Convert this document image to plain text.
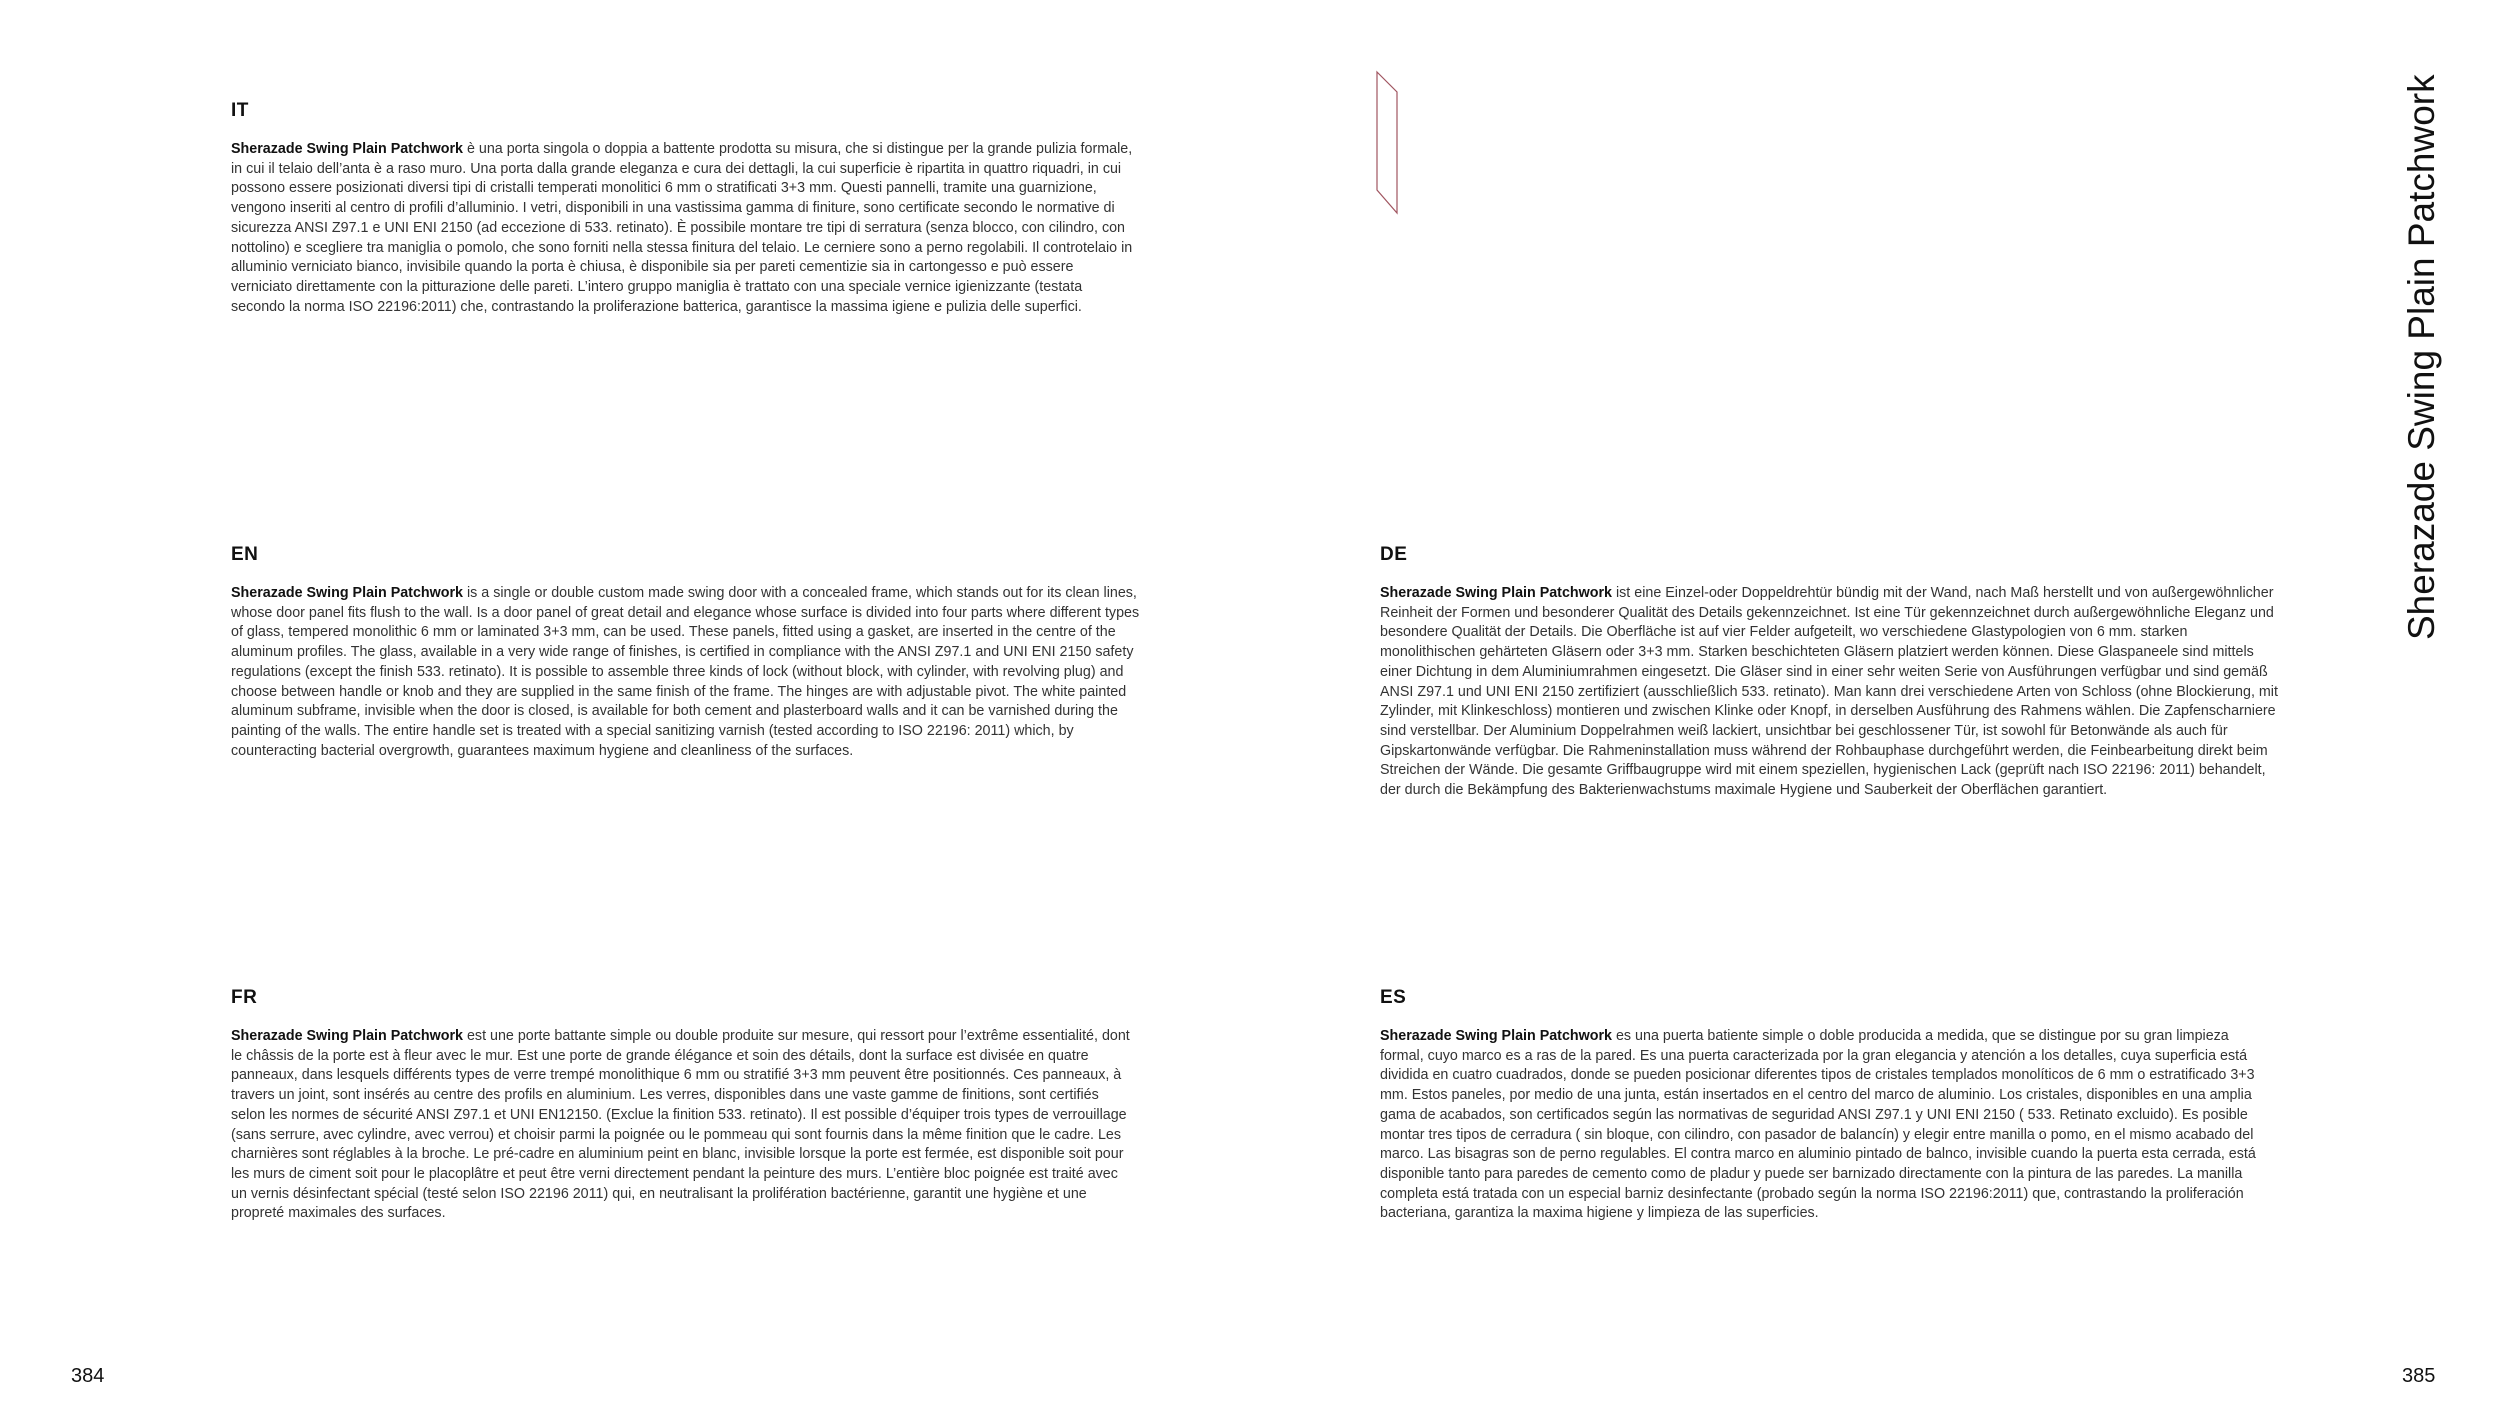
IT

Sherazade Swing Plain Patchwork è una porta singola o doppia a battente prodotta su misura, che si distingue per la grande pulizia formale, in cui il telaio dell’anta è a raso muro. Una porta dalla grande eleganza e cura dei dettagli, la cui superficie è ripartita in quattro riquadri, in cui possono essere posizionati diversi tipi di cristalli temperati monolitici 6 mm o stratificati 3+3 mm. Questi pannelli, tramite una guarnizione, vengono inseriti al centro di profili d’alluminio. I vetri, disponibili in una vastissima gamma di finiture, sono certificate secondo le normative di sicurezza ANSI Z97.1 e UNI ENI 2150 (ad eccezione di 533. retinato). È possibile montare tre tipi di serratura (senza blocco, con cilindro, con nottolino) e scegliere tra maniglia o pomolo, che sono forniti nella stessa finitura del telaio. Le cerniere sono a perno regolabili. Il controtelaio in alluminio verniciato bianco, invisibile quando la porta è chiusa, è disponibile sia per pareti cementizie sia in cartongesso e può essere verniciato direttamente con la pitturazione delle pareti. L’intero gruppo maniglia è trattato con una speciale vernice igienizzante (testata secondo la norma ISO 22196:2011) che, contrastando la proliferazione batterica, garantisce la massima igiene e pulizia delle superfici.

EN

Sherazade Swing Plain Patchwork is a single or double custom made swing door with a concealed frame, which stands out for its clean lines, whose door panel fits flush to the wall. Is a door panel of great detail and elegance whose surface is divided into four parts where different types of glass, tempered monolithic 6 mm or laminated 3+3 mm, can be used. These panels, fitted using a gasket, are inserted in the centre of the aluminum profiles. The glass, available in a very wide range of finishes, is certified in compliance with the ANSI Z97.1 and UNI ENI 2150 safety regulations (except the finish 533. retinato). It is possible to assemble three kinds of lock (without block, with cylinder, with revolving plug) and choose between handle or knob and they are supplied in the same finish of the frame. The hinges are with adjustable pivot. The white painted aluminum subframe, invisible when the door is closed, is available for both cement and plasterboard walls and it can be varnished during the painting of the walls. The entire handle set is treated with a special sanitizing varnish (tested according to ISO 22196: 2011) which, by counteracting bacterial overgrowth, guarantees maximum hygiene and cleanliness of the surfaces.

FR

Sherazade Swing Plain Patchwork est une porte battante simple ou double produite sur mesure, qui ressort pour l’extrême essentialité, dont le châssis de la porte est à fleur avec le mur. Est une porte de grande élégance et soin des détails, dont la surface est divisée en quatre panneaux, dans lesquels différents types de verre trempé monolithique 6 mm ou stratifié 3+3 mm peuvent être positionnés. Ces panneaux, à travers un joint, sont insérés au centre des profils en aluminium. Les verres, disponibles dans une vaste gamme de finitions, sont certifiés selon les normes de sécurité ANSI Z97.1 et UNI EN12150. (Exclue la finition 533. retinato). Il est possible d’équiper trois types de verrouillage (sans serrure, avec cylindre, avec verrou) et choisir parmi la poignée ou le pommeau qui sont fournis dans la même finition que le cadre. Les charnières sont réglables à la broche. Le pré-cadre en aluminium peint en blanc, invisible lorsque la porte est fermée, est disponible soit pour les murs de ciment soit pour le placoplâtre et peut être verni directement pendant la peinture des murs. L’entière bloc poignée est traité avec un vernis désinfectant spécial (testé selon ISO 22196 2011) qui, en neutralisant la prolifération bactérienne, garantit une hygiène et une propreté maximales des surfaces.

DE

Sherazade Swing Plain Patchwork ist eine Einzel-oder Doppeldrehtür bündig mit der Wand, nach Maß herstellt und von außergewöhnlicher Reinheit der Formen und besonderer Qualität des Details gekennzeichnet. Ist eine Tür gekennzeichnet durch außergewöhnliche Eleganz und besondere Qualität der Details. Die Oberfläche ist auf vier Felder aufgeteilt, wo verschiedene Glastypologien von 6 mm. starken monolithischen gehärteten Gläsern oder 3+3 mm. Starken beschichteten Gläsern platziert werden können. Diese Glaspaneele sind mittels einer Dichtung in dem Aluminiumrahmen eingesetzt. Die Gläser sind in einer sehr weiten Serie von Ausführungen verfügbar und sind gemäß ANSI Z97.1 und UNI ENI 2150 zertifiziert (ausschließlich 533. retinato). Man kann drei verschiedene Arten von Schloss (ohne Blockierung, mit Zylinder, mit Klinkeschloss) montieren und zwischen Klinke oder Knopf, in derselben Ausführung des Rahmens wählen. Die Zapfenscharniere sind verstellbar. Der Aluminium Doppelrahmen weiß lackiert, unsichtbar bei geschlossener Tür, ist sowohl für Betonwände als auch für Gipskartonwände verfügbar. Die Rahmeninstallation muss während der Rohbauphase durchgeführt werden, die Feinbearbeitung direkt beim Streichen der Wände. Die gesamte Griffbaugruppe wird mit einem speziellen, hygienischen Lack (geprüft nach ISO 22196: 2011) behandelt, der durch die Bekämpfung des Bakterienwachstums maximale Hygiene und Sauberkeit der Oberflächen garantiert.

ES

Sherazade Swing Plain Patchwork es una puerta batiente simple o doble producida a medida, que se distingue por su gran limpieza formal, cuyo marco es a ras de la pared. Es una puerta caracterizada por la gran elegancia y atención a los detalles, cuya superficia está dividida en cuatro cuadrados, donde se pueden posicionar diferentes tipos de cristales templados monolíticos de 6 mm o estratificado 3+3 mm. Estos paneles, por medio de una junta, están insertados en el centro del marco de aluminio. Los cristales, disponibles en una amplia gama de acabados, son certificados según las normativas de seguridad ANSI Z97.1 y UNI ENI 2150 ( 533. Retinato excluido). Es posible montar tres tipos de cerradura ( sin bloque, con cilindro, con pasador de balancín) y elegir entre manilla o pomo, en el mismo acabado del marco. Las bisagras son de perno regulables. El contra marco en aluminio pintado de balnco, invisible cuando la puerta esta cerrada, está disponible tanto para paredes de cemento como de pladur y puede ser barnizado directamente con la pintura de las paredes. La manilla completa está tratada con un especial barniz desinfectante (probado según la norma ISO 22196:2011) que, contrastando la proliferación bacteriana, garantiza la maxima higiene y limpieza de las superficies.

Sherazade Swing Plain Patchwork
384	385
